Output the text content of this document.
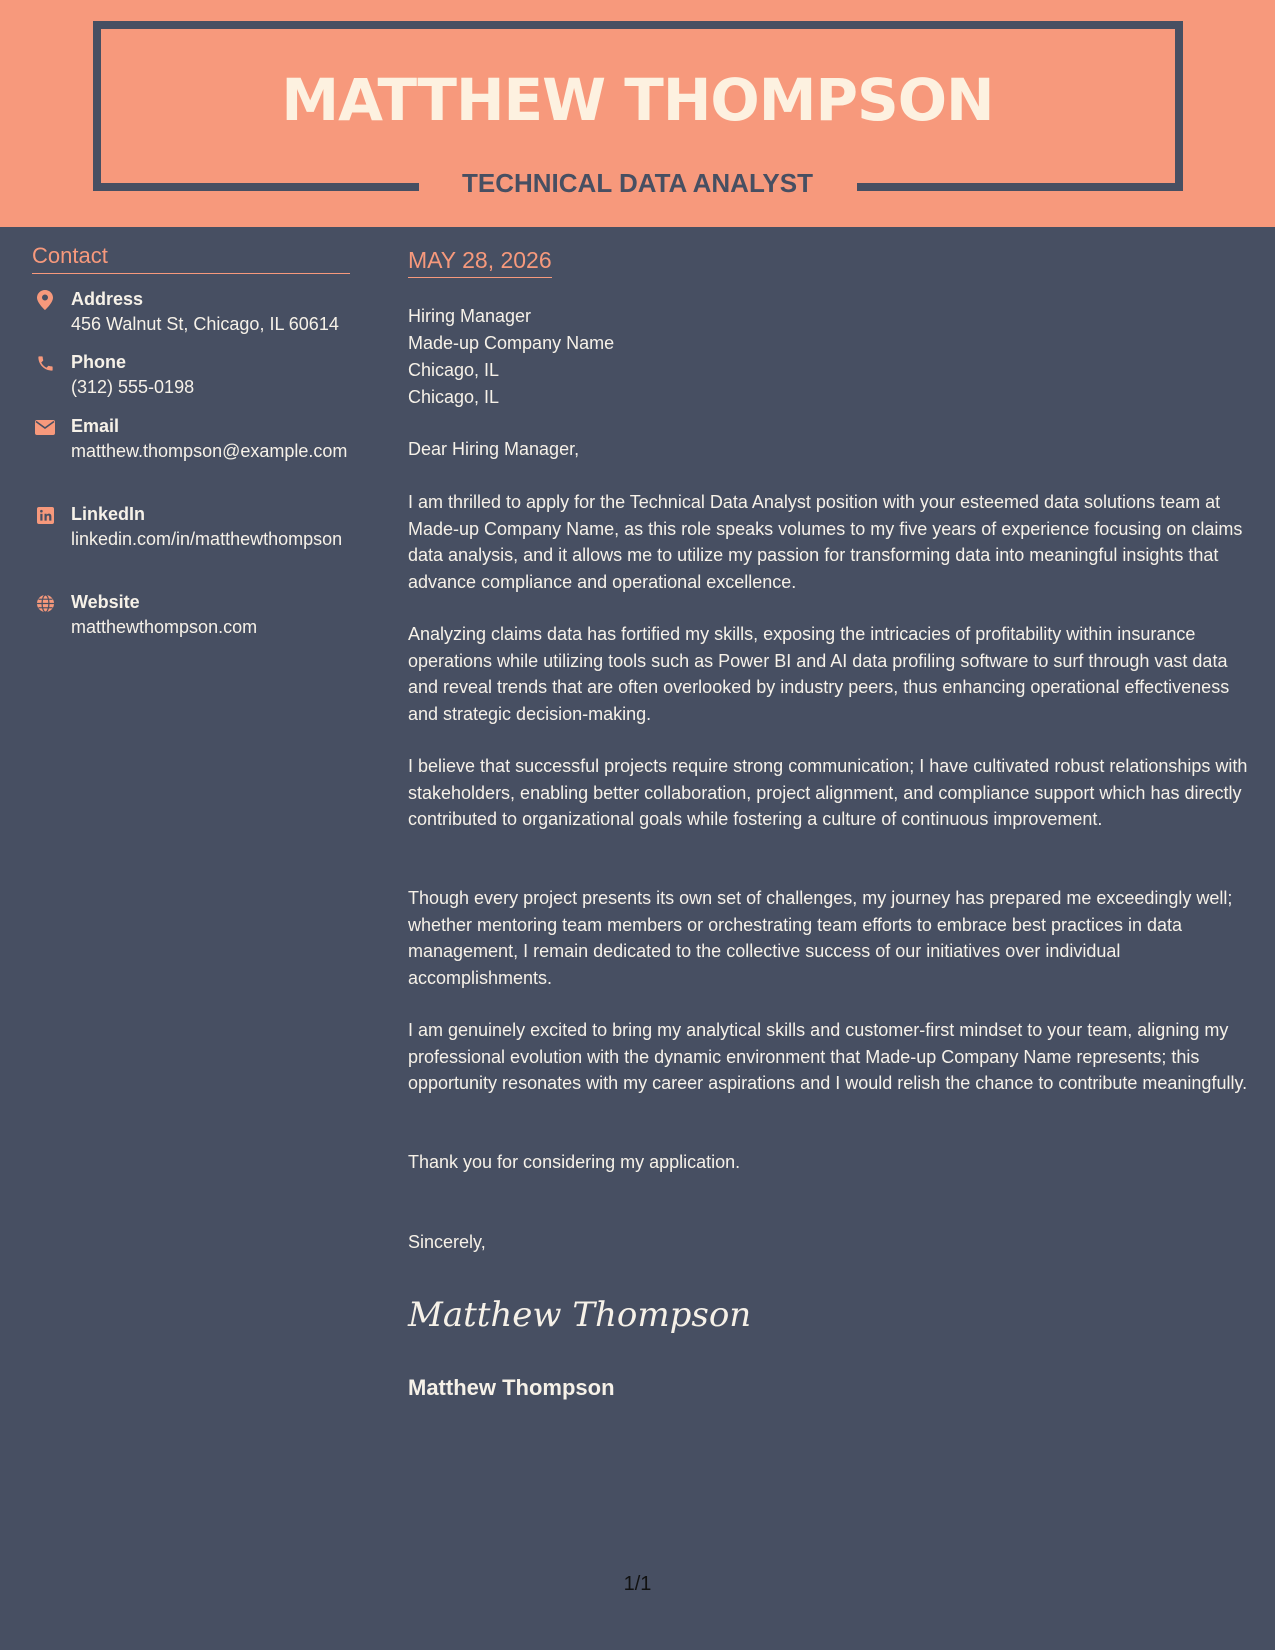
MATTHEW THOMPSON
TECHNICAL DATA ANALYST
Contact
Address
456 Walnut St, Chicago, IL 60614
Phone
(312) 555-0198
Email
matthew.thompson@example.com
LinkedIn
linkedin.com/in/matthewthompson
Website
matthewthompson.com
MAY 28, 2026
Hiring Manager
Made-up Company Name
Chicago, IL
Chicago, IL
Dear Hiring Manager,
I am thrilled to apply for the Technical Data Analyst position with your esteemed data solutions team at Made-up Company Name, as this role speaks volumes to my five years of experience focusing on claims data analysis, and it allows me to utilize my passion for transforming data into meaningful insights that advance compliance and operational excellence.
Analyzing claims data has fortified my skills, exposing the intricacies of profitability within insurance operations while utilizing tools such as Power BI and AI data profiling software to surf through vast data and reveal trends that are often overlooked by industry peers, thus enhancing operational effectiveness and strategic decision-making.
I believe that successful projects require strong communication; I have cultivated robust relationships with stakeholders, enabling better collaboration, project alignment, and compliance support which has directly contributed to organizational goals while fostering a culture of continuous improvement.
Though every project presents its own set of challenges, my journey has prepared me exceedingly well; whether mentoring team members or orchestrating team efforts to embrace best practices in data management, I remain dedicated to the collective success of our initiatives over individual accomplishments.
I am genuinely excited to bring my analytical skills and customer-first mindset to your team, aligning my professional evolution with the dynamic environment that Made-up Company Name represents; this opportunity resonates with my career aspirations and I would relish the chance to contribute meaningfully.
Thank you for considering my application.
Sincerely,
Matthew Thompson
Matthew Thompson
1/1
